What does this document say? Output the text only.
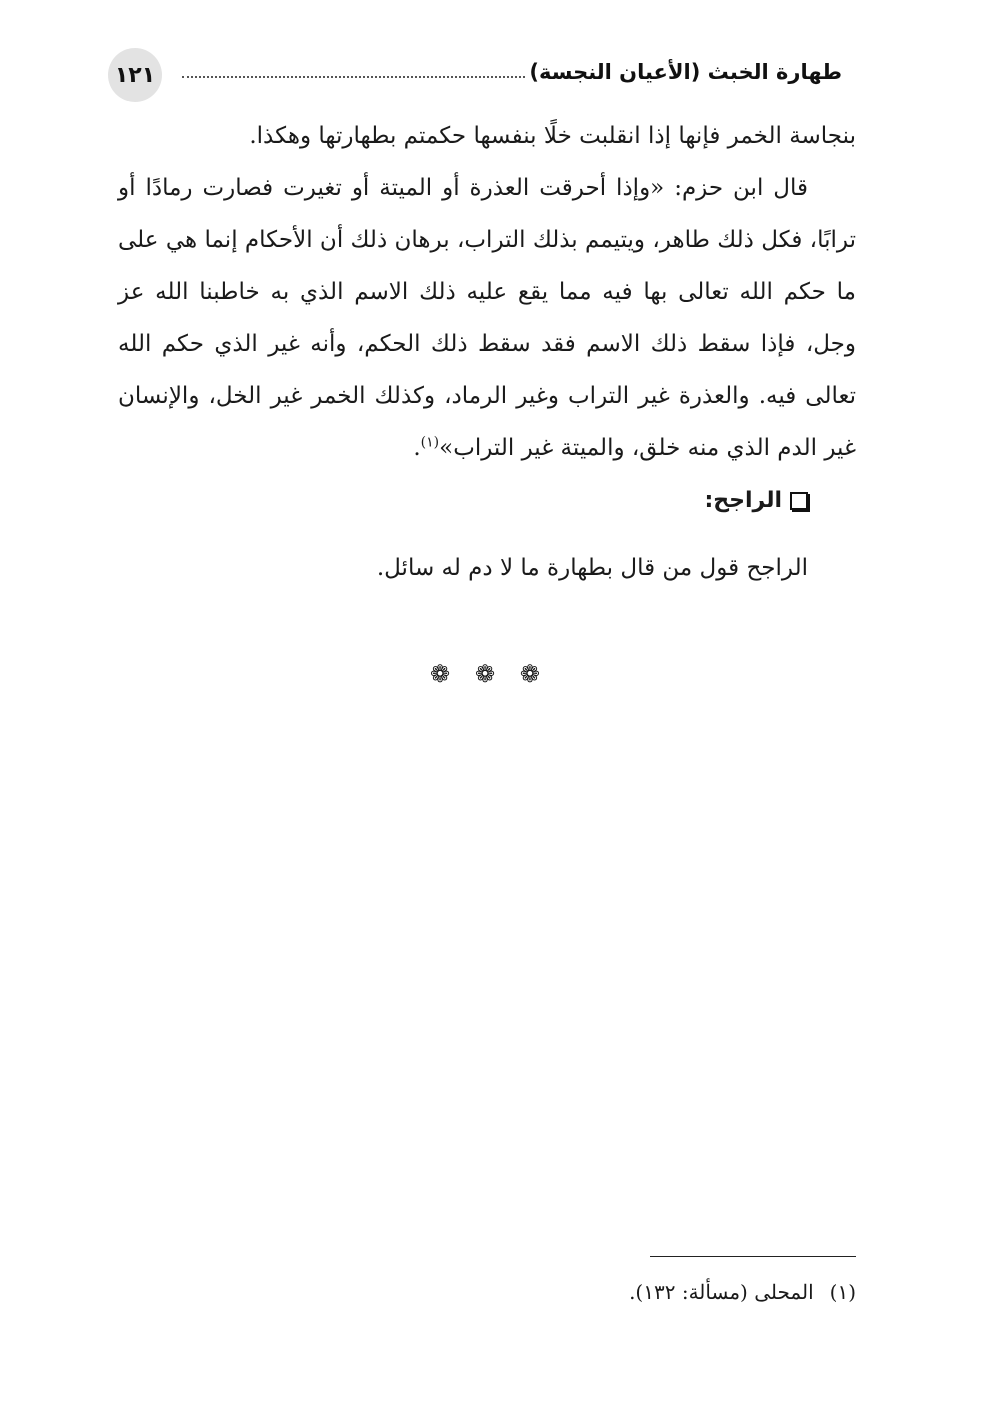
١٢١	طهارة الخبث (الأعيان النجسة)

بنجاسة الخمر فإنها إذا انقلبت خلًا بنفسها حكمتم بطهارتها وهكذا.

قال ابن حزم: «وإذا أحرقت العذرة أو الميتة أو تغيرت فصارت رمادًا أو ترابًا، فكل ذلك طاهر، ويتيمم بذلك التراب، برهان ذلك أن الأحكام إنما هي على ما حكم الله تعالى بها فيه مما يقع عليه ذلك الاسم الذي به خاطبنا الله عز وجل، فإذا سقط ذلك الاسم فقد سقط ذلك الحكم، وأنه غير الذي حكم الله تعالى فيه. والعذرة غير التراب وغير الرماد، وكذلك الخمر غير الخل، والإنسان غير الدم الذي منه خلق، والميتة غير التراب»$^{(١)}$.

الراجح:
الراجح قول من قال بطهارة ما لا دم له سائل.
❁ ❁ ❁
(١)المحلى (مسألة: ١٣٢).
